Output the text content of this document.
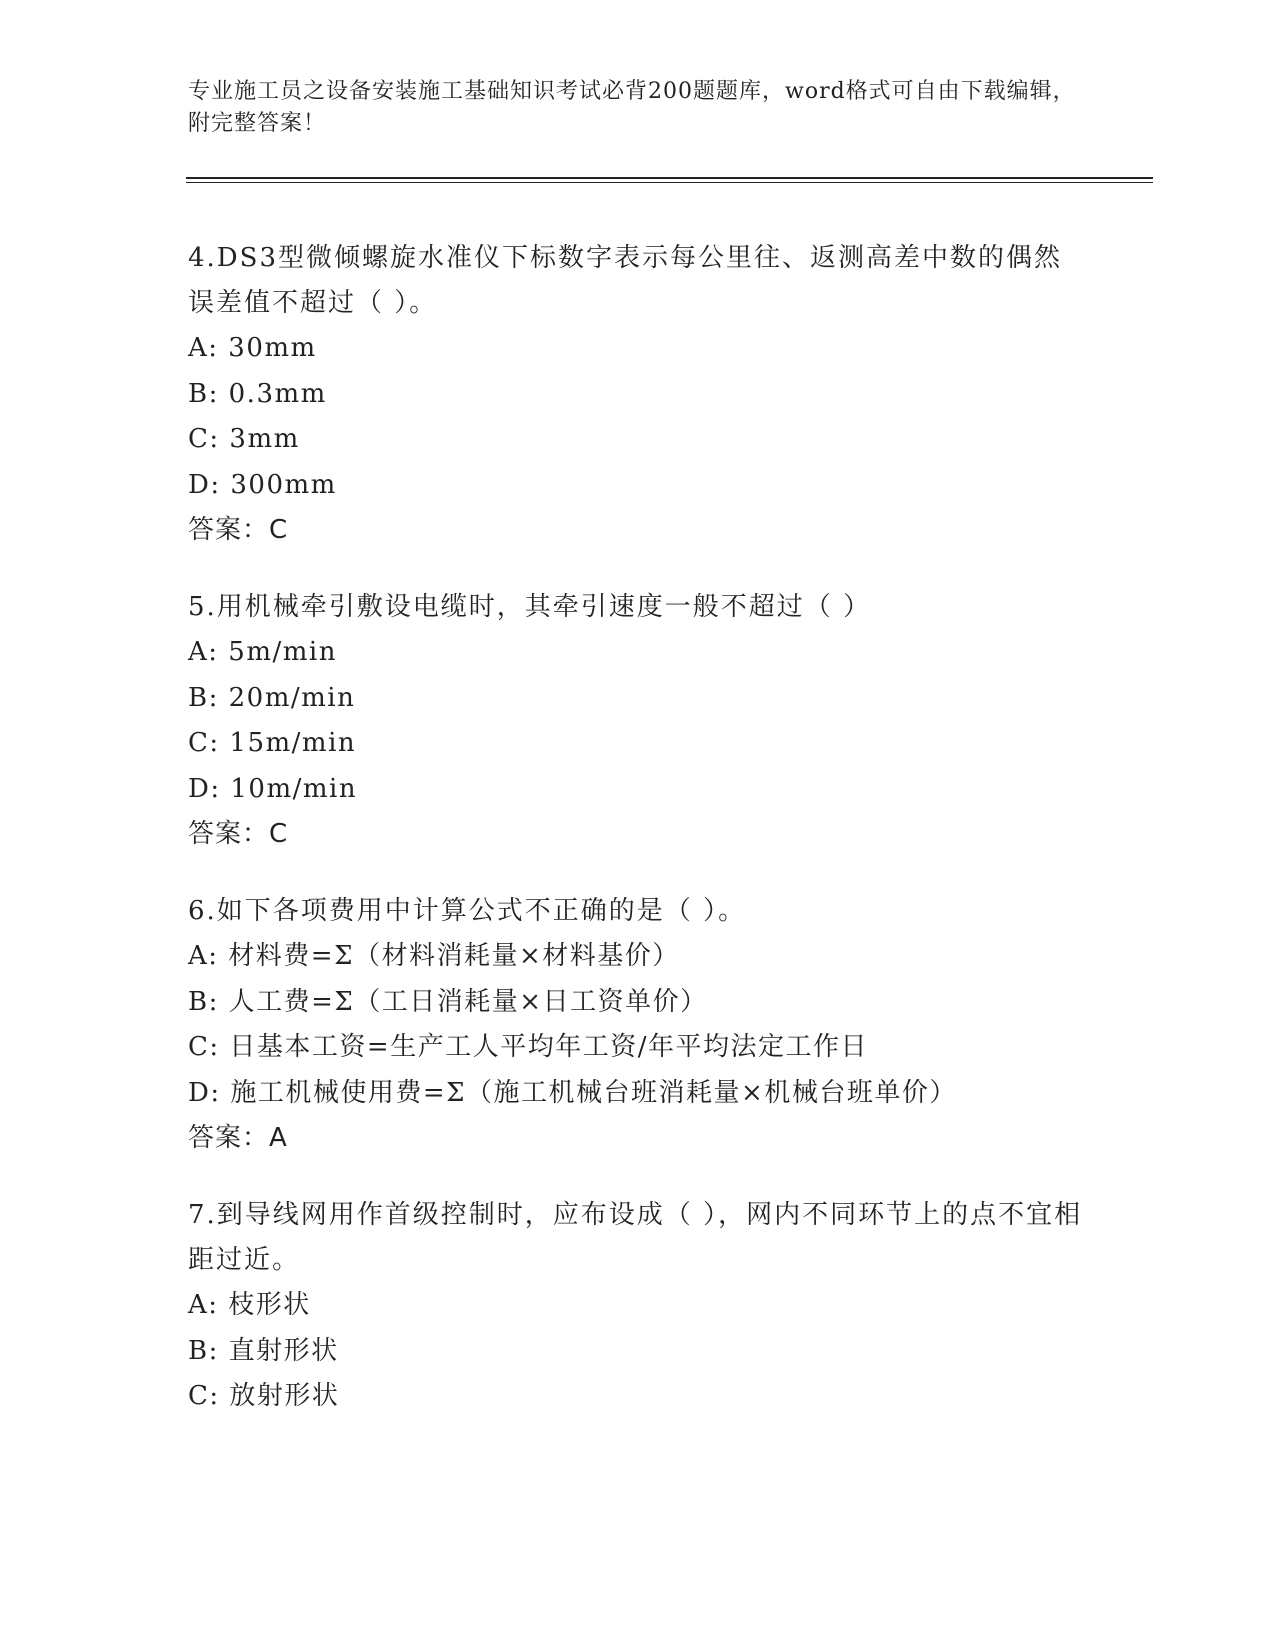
专业施工员之设备安装施工基础知识考试必背200题题库，word格式可自由下载编辑，附完整答案！
4.DS3型微倾螺旋水准仪下标数字表示每公里往、返测高差中数的偶然误差值不超过（ ）。
A: 30mm
B: 0.3mm
C: 3mm
D: 300mm
答案：C
5.用机械牵引敷设电缆时，其牵引速度一般不超过（ ）
A: 5m/min
B: 20m/min
C: 15m/min
D: 10m/min
答案：C
6.如下各项费用中计算公式不正确的是（ ）。
A: 材料费=Σ（材料消耗量×材料基价）
B: 人工费=Σ（工日消耗量×日工资单价）
C: 日基本工资=生产工人平均年工资/年平均法定工作日
D: 施工机械使用费=Σ（施工机械台班消耗量×机械台班单价）
答案：A
7.到导线网用作首级控制时，应布设成（ ），网内不同环节上的点不宜相距过近。
A: 枝形状
B: 直射形状
C: 放射形状
